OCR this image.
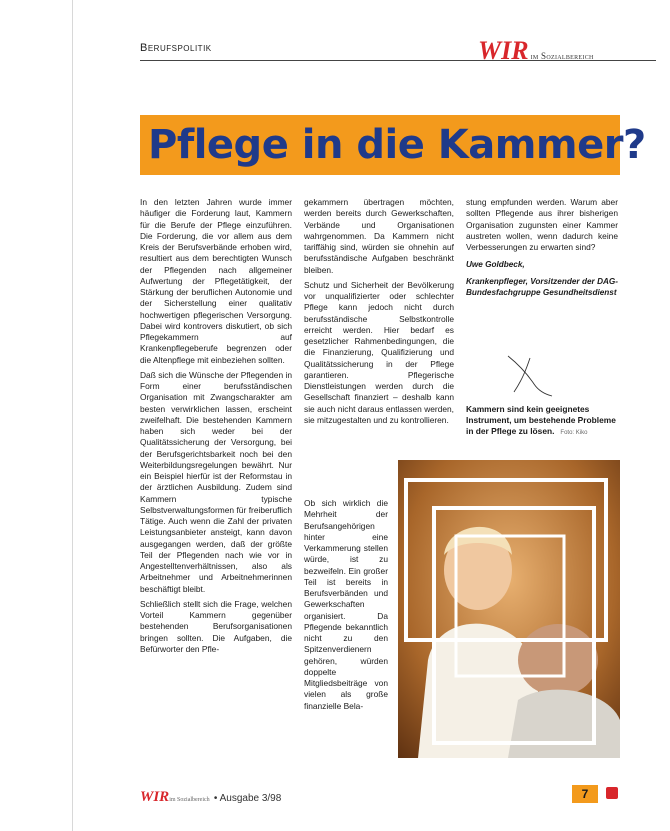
Berufspolitik	WIR im Sozialbereich
Pflege in die Kammer?

In den letzten Jahren wurde immer häufiger die Forderung laut, Kammern für die Berufe der Pflege einzuführen. Die Forderung, die vor allem aus dem Kreis der Berufsverbände erhoben wird, resultiert aus dem berechtigten Wunsch der Pflegenden nach allgemeiner Aufwertung der Pflegetätigkeit, der Stärkung der beruflichen Autonomie und der Sicherstellung einer qualitativ hochwertigen pflegerischen Versorgung. Dabei wird kontrovers diskutiert, ob sich Pflegekammern auf Krankenpflegeberufe begrenzen oder die Altenpflege mit einbeziehen sollten.

Daß sich die Wünsche der Pflegenden in Form einer berufsständischen Organisation mit Zwangscharakter am besten verwirklichen lassen, erscheint zweifelhaft. Die bestehenden Kammern haben sich weder bei der Qualitätssicherung der Versorgung, bei der Berufsgerichtsbarkeit noch bei den Weiterbildungsregelungen bewährt. Nur ein Beispiel hierfür ist der Reformstau in der ärztlichen Ausbildung. Zudem sind Kammern typische Selbstverwaltungsformen für freiberuflich Tätige. Auch wenn die Zahl der privaten Leistungsanbieter ansteigt, kann davon ausgegangen werden, daß der größte Teil der Pflegenden nach wie vor in Angestelltenverhältnissen, also als Arbeitnehmer und Arbeitnehmerinnen beschäftigt bleibt.

Schließlich stellt sich die Frage, welchen Vorteil Kammern gegenüber bestehenden Berufsorganisationen bringen sollten. Die Aufgaben, die Befürworter den Pfle-

gekammern übertragen möchten, werden bereits durch Gewerkschaften, Verbände und Organisationen wahrgenommen. Da Kammern nicht tariffähig sind, würden sie ohnehin auf berufsständische Aufgaben beschränkt bleiben.

Schutz und Sicherheit der Bevölkerung vor unqualifizierter oder schlechter Pflege kann jedoch nicht durch berufsständische Selbstkontrolle erreicht werden. Hier bedarf es gesetzlicher Rahmenbedingungen, die die Finanzierung, Qualifizierung und Qualitätssicherung in der Pflege garantieren. Pflegerische Dienstleistungen werden durch die Gesellschaft finanziert – deshalb kann sie auch nicht daraus entlassen werden, sie mitzugestalten und zu kontrollieren.

Ob sich wirklich die Mehrheit der Berufsangehörigen hinter eine Verkammerung stellen würde, ist zu bezweifeln. Ein großer Teil ist bereits in Berufsverbänden und Gewerkschaften organisiert. Da Pflegende bekanntlich nicht zu den Spitzenverdienern gehören, würden doppelte Mitgliedsbeiträge von vielen als große finanzielle Bela-

stung empfunden werden. Warum aber sollten Pflegende aus ihrer bisherigen Organisation zugunsten einer Kammer austreten wollen, wenn dadurch keine Verbesserungen zu erwarten sind?

Uwe Goldbeck,
Krankenpfleger, Vorsitzender der DAG-Bundesfachgruppe Gesundheitsdienst
Kammern sind kein geeignetes Instrument, um bestehende Probleme in der Pflege zu lösen. Foto: Kiko
WIRim Sozialbereich • Ausgabe 3/98	7
